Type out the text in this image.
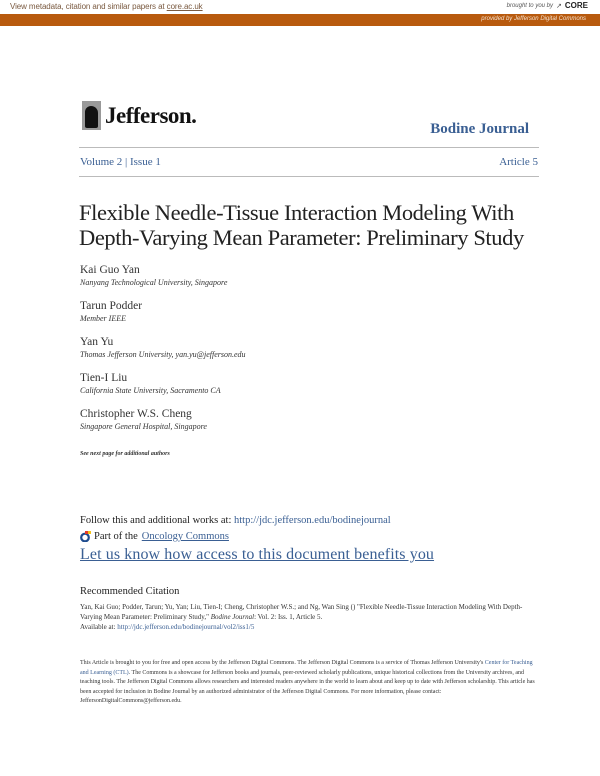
View metadata, citation and similar papers at core.ac.uk	brought to you by ↗ CORE
provided by Jefferson Digital Commons
Jefferson.
Bodine Journal
Volume 2 | Issue 1	Article 5
Flexible Needle-Tissue Interaction Modeling With Depth-Varying Mean Parameter: Preliminary Study
Kai Guo Yan
Nanyang Technological University, Singapore
Tarun Podder
Member IEEE
Yan Yu
Thomas Jefferson University, yan.yu@jefferson.edu
Tien-I Liu
California State University, Sacramento CA
Christopher W.S. Cheng
Singapore General Hospital, Singapore
See next page for additional authors
Follow this and additional works at: http://jdc.jefferson.edu/bodinejournal
Part of the Oncology Commons
Let us know how access to this document benefits you
Recommended Citation
Yan, Kai Guo; Podder, Tarun; Yu, Yan; Liu, Tien-I; Cheng, Christopher W.S.; and Ng, Wan Sing () "Flexible Needle-Tissue Interaction Modeling With Depth-Varying Mean Parameter: Preliminary Study," Bodine Journal: Vol. 2: Iss. 1, Article 5.
Available at: http://jdc.jefferson.edu/bodinejournal/vol2/iss1/5
This Article is brought to you for free and open access by the Jefferson Digital Commons. The Jefferson Digital Commons is a service of Thomas Jefferson University's Center for Teaching and Learning (CTL). The Commons is a showcase for Jefferson books and journals, peer-reviewed scholarly publications, unique historical collections from the University archives, and teaching tools. The Jefferson Digital Commons allows researchers and interested readers anywhere in the world to learn about and keep up to date with Jefferson scholarship. This article has been accepted for inclusion in Bodine Journal by an authorized administrator of the Jefferson Digital Commons. For more information, please contact: JeffersonDigitalCommons@jefferson.edu.
